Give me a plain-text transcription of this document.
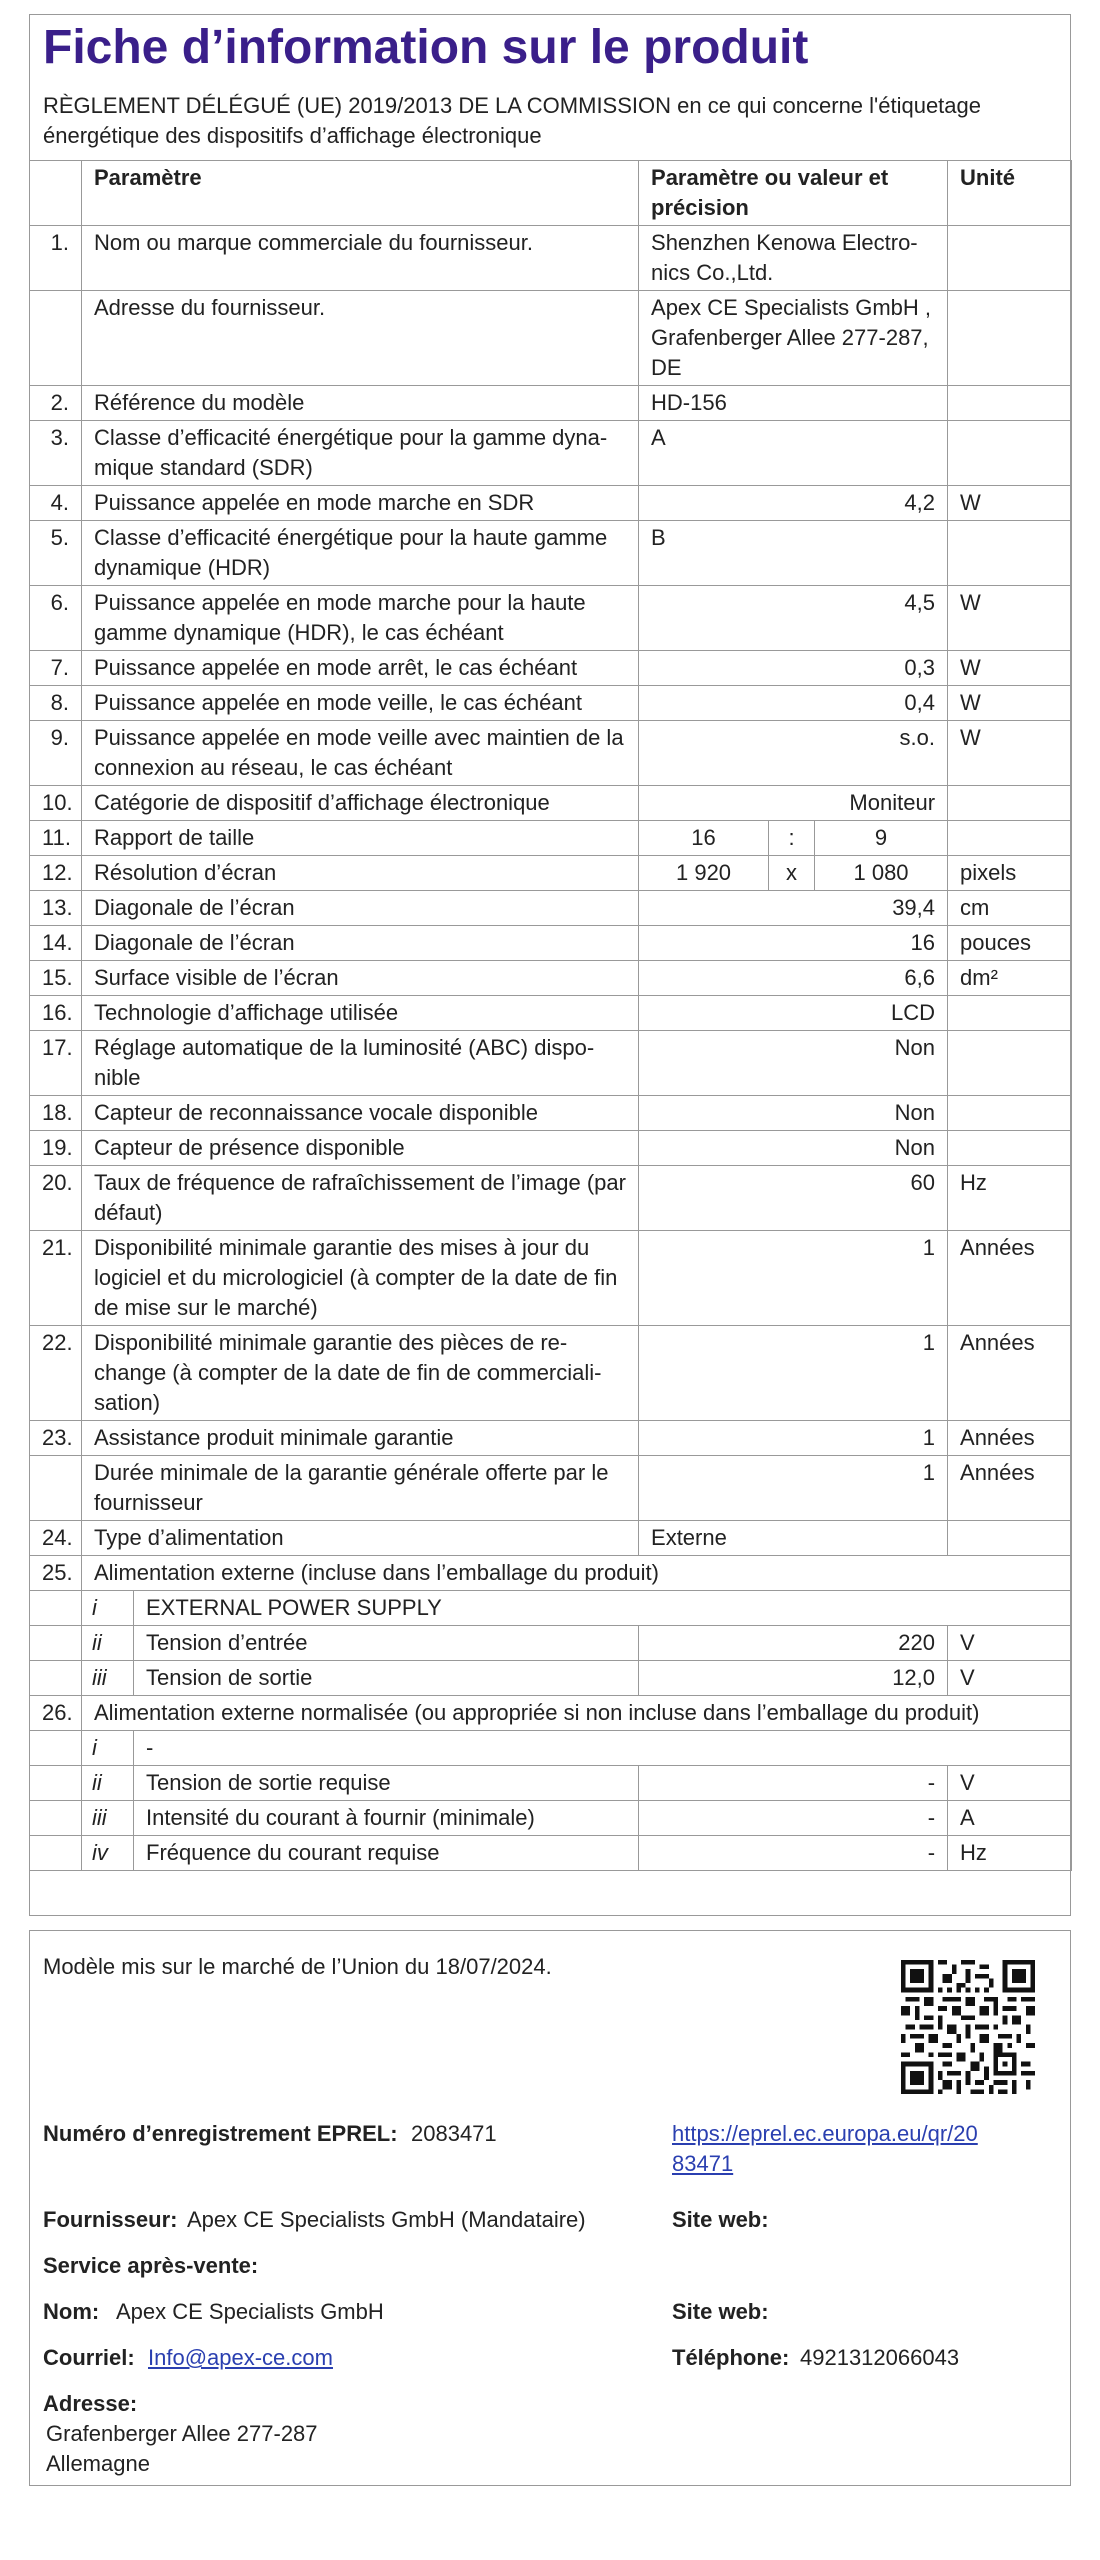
Fiche d’information sur le produit
RÈGLEMENT DÉLÉGUÉ (UE) 2019/2013 DE LA COMMISSION en ce qui concerne l'étiquetage énergétique des dispositifs d’affichage électronique
	Paramètre		Paramètre ou valeur et précision			Unité
1.	Nom ou marque commerciale du fournisseur.		Shenzhen Kenowa Electro-nics Co.,Ltd.			
	Adresse du fournisseur.		Apex CE Specialists GmbH , Grafenberger Allee 277-287, DE			
2.	Référence du modèle		HD-156			
3.	Classe d’efficacité énergétique pour la gamme dyna-mique standard (SDR)		A			
4.	Puissance appelée en mode marche en SDR		4,2			W
5.	Classe d’efficacité énergétique pour la haute gamme dynamique (HDR)		B			
6.	Puissance appelée en mode marche pour la haute gamme dynamique (HDR), le cas échéant		4,5			W
7.	Puissance appelée en mode arrêt, le cas échéant		0,3			W
8.	Puissance appelée en mode veille, le cas échéant		0,4			W
9.	Puissance appelée en mode veille avec maintien de la connexion au réseau, le cas échéant		s.o.			W
10.	Catégorie de dispositif d’affichage électronique		Moniteur			
11.	Rapport de taille		16	:	9	
12.	Résolution d’écran		1 920	x	1 080	pixels
13.	Diagonale de l’écran		39,4			cm
14.	Diagonale de l’écran		16			pouces
15.	Surface visible de l’écran		6,6			dm²
16.	Technologie d’affichage utilisée		LCD			
17.	Réglage automatique de la luminosité (ABC) dispo-nible		Non			
18.	Capteur de reconnaissance vocale disponible		Non			
19.	Capteur de présence disponible		Non			
20.	Taux de fréquence de rafraîchissement de l’image (par défaut)		60			Hz
21.	Disponibilité minimale garantie des mises à jour du logiciel et du micrologiciel (à compter de la date de fin de mise sur le marché)		1			Années
22.	Disponibilité minimale garantie des pièces de re-change (à compter de la date de fin de commerciali-sation)		1			Années
23.	Assistance produit minimale garantie		1			Années
	Durée minimale de la garantie générale offerte par le fournisseur		1			Années
24.	Type d’alimentation		Externe			
25.	Alimentation externe (incluse dans l’emballage du produit)					
	i	EXTERNAL POWER SUPPLY				
	ii	Tension d’entrée	220			V
	iii	Tension de sortie	12,0			V
26.	Alimentation externe normalisée (ou appropriée si non incluse dans l’emballage du produit)					
	i	-				
	ii	Tension de sortie requise	-			V
	iii	Intensité du courant à fournir (minimale)	-			A
	iv	Fréquence du courant requise	-			Hz
Modèle mis sur le marché de l’Union du 18/07/2024.
Numéro d’enregistrement EPREL: 2083471	https://eprel.ec.europa.eu/qr/20
83471
Fournisseur: Apex CE Specialists GmbH (Mandataire)	Site web:
Service après-vente:
Nom: Apex CE Specialists GmbH	Site web:
Courriel: Info@apex-ce.com	Téléphone: 4921312066043
Adresse:
Grafenberger Allee 277-287
Allemagne
